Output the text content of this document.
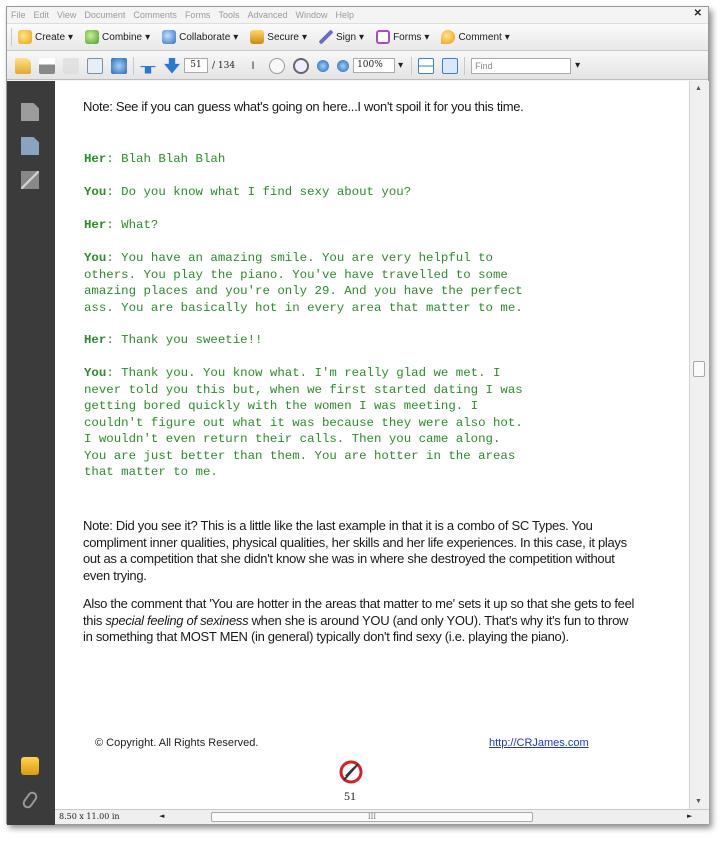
File Edit View Document Comments Forms Tools Advanced Window Help	✕
Create ▾	Combine ▾	Collaborate ▾	Secure ▾	Sign ▾	Forms ▾	Comment ▾
51	/ 134	I	100%	▾	Find	▾
Note: See if you can guess what's going on here...I won't spoil it for you this time.
Her: Blah Blah Blah
You: Do you know what I find sexy about you?
Her: What?
You: You have an amazing smile. You are very helpful to
others. You play the piano. You've have travelled to some
amazing places and you're only 29. And you have the perfect
ass. You are basically hot in every area that matter to me.
Her: Thank you sweetie!!
You: Thank you. You know what. I'm really glad we met. I
never told you this but, when we first started dating I was
getting bored quickly with the women I was meeting. I
couldn't figure out what it was because they were also hot.
I wouldn't even return their calls. Then you came along.
You are just better than them. You are hotter in the areas
that matter to me.
Note: Did you see it? This is a little like the last example in that it is a combo of SC Types. You compliment inner qualities, physical qualities, her skills and her life experiences. In this case, it plays out as a competition that she didn't know she was in where she destroyed the competition without even trying.
Also the comment that 'You are hotter in the areas that matter to me' sets it up so that she gets to feel this special feeling of sexiness when she is around YOU (and only YOU). That's why it's fun to throw in something that MOST MEN (in general) typically don't find sexy (i.e. playing the piano).
© Copyright. All Rights Reserved.	http://CRJames.com
51
▲
▼
8.50 x 11.00 in	◄	III	►
